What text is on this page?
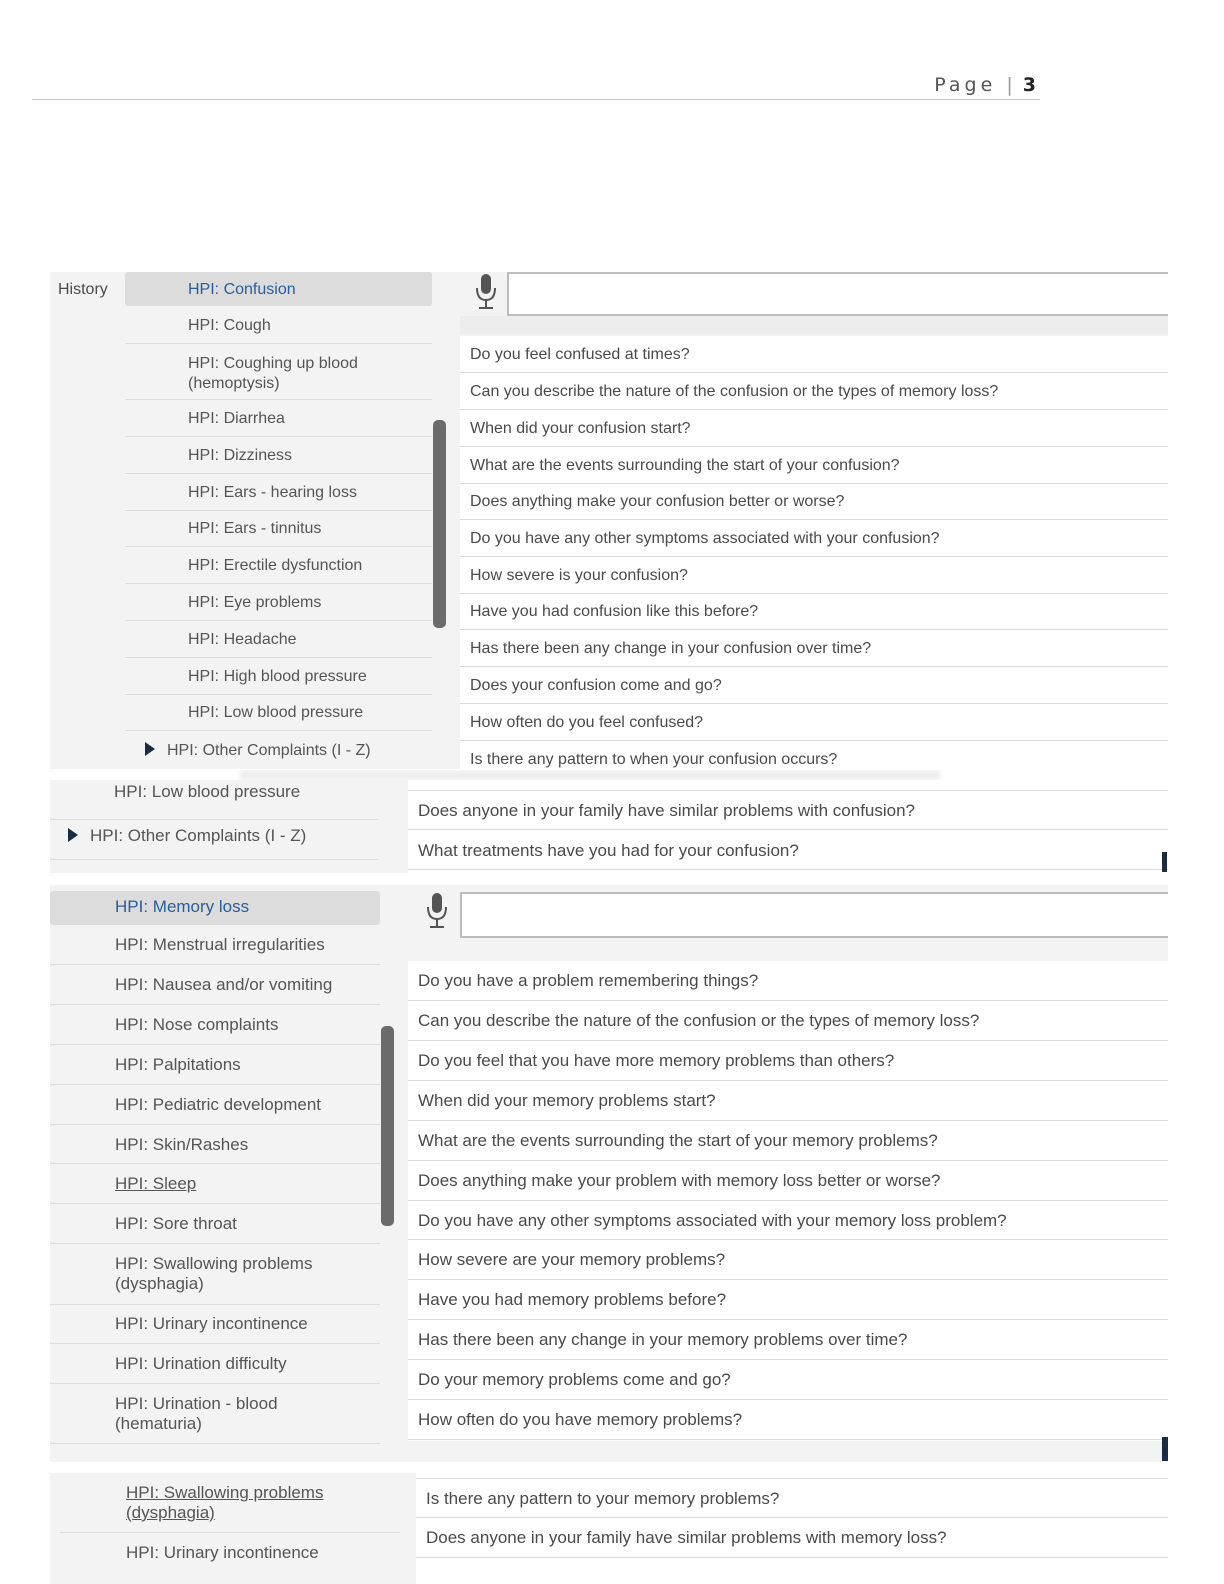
Page | 3
History	HPI: Confusion
HPI: Cough
HPI: Coughing up blood (hemoptysis)
HPI: Diarrhea
HPI: Dizziness
HPI: Ears - hearing loss
HPI: Ears - tinnitus
HPI: Erectile dysfunction
HPI: Eye problems
HPI: Headache
HPI: High blood pressure
HPI: Low blood pressure
HPI: Other Complaints (I - Z)
Do you feel confused at times?
Can you describe the nature of the confusion or the types of memory loss?
When did your confusion start?
What are the events surrounding the start of your confusion?
Does anything make your confusion better or worse?
Do you have any other symptoms associated with your confusion?
How severe is your confusion?
Have you had confusion like this before?
Has there been any change in your confusion over time?
Does your confusion come and go?
How often do you feel confused?
Is there any pattern to when your confusion occurs?
HPI: Low blood pressure
HPI: Other Complaints (I - Z)
Does anyone in your family have similar problems with confusion?
What treatments have you had for your confusion?
HPI: Memory loss
HPI: Menstrual irregularities
HPI: Nausea and/or vomiting
HPI: Nose complaints
HPI: Palpitations
HPI: Pediatric development
HPI: Skin/Rashes
HPI: Sleep
HPI: Sore throat
HPI: Swallowing problems (dysphagia)
HPI: Urinary incontinence
HPI: Urination difficulty
HPI: Urination - blood (hematuria)
Do you have a problem remembering things?
Can you describe the nature of the confusion or the types of memory loss?
Do you feel that you have more memory problems than others?
When did your memory problems start?
What are the events surrounding the start of your memory problems?
Does anything make your problem with memory loss better or worse?
Do you have any other symptoms associated with your memory loss problem?
How severe are your memory problems?
Have you had memory problems before?
Has there been any change in your memory problems over time?
Do your memory problems come and go?
How often do you have memory problems?
HPI: Swallowing problems (dysphagia)
HPI: Urinary incontinence
Is there any pattern to your memory problems?
Does anyone in your family have similar problems with memory loss?
